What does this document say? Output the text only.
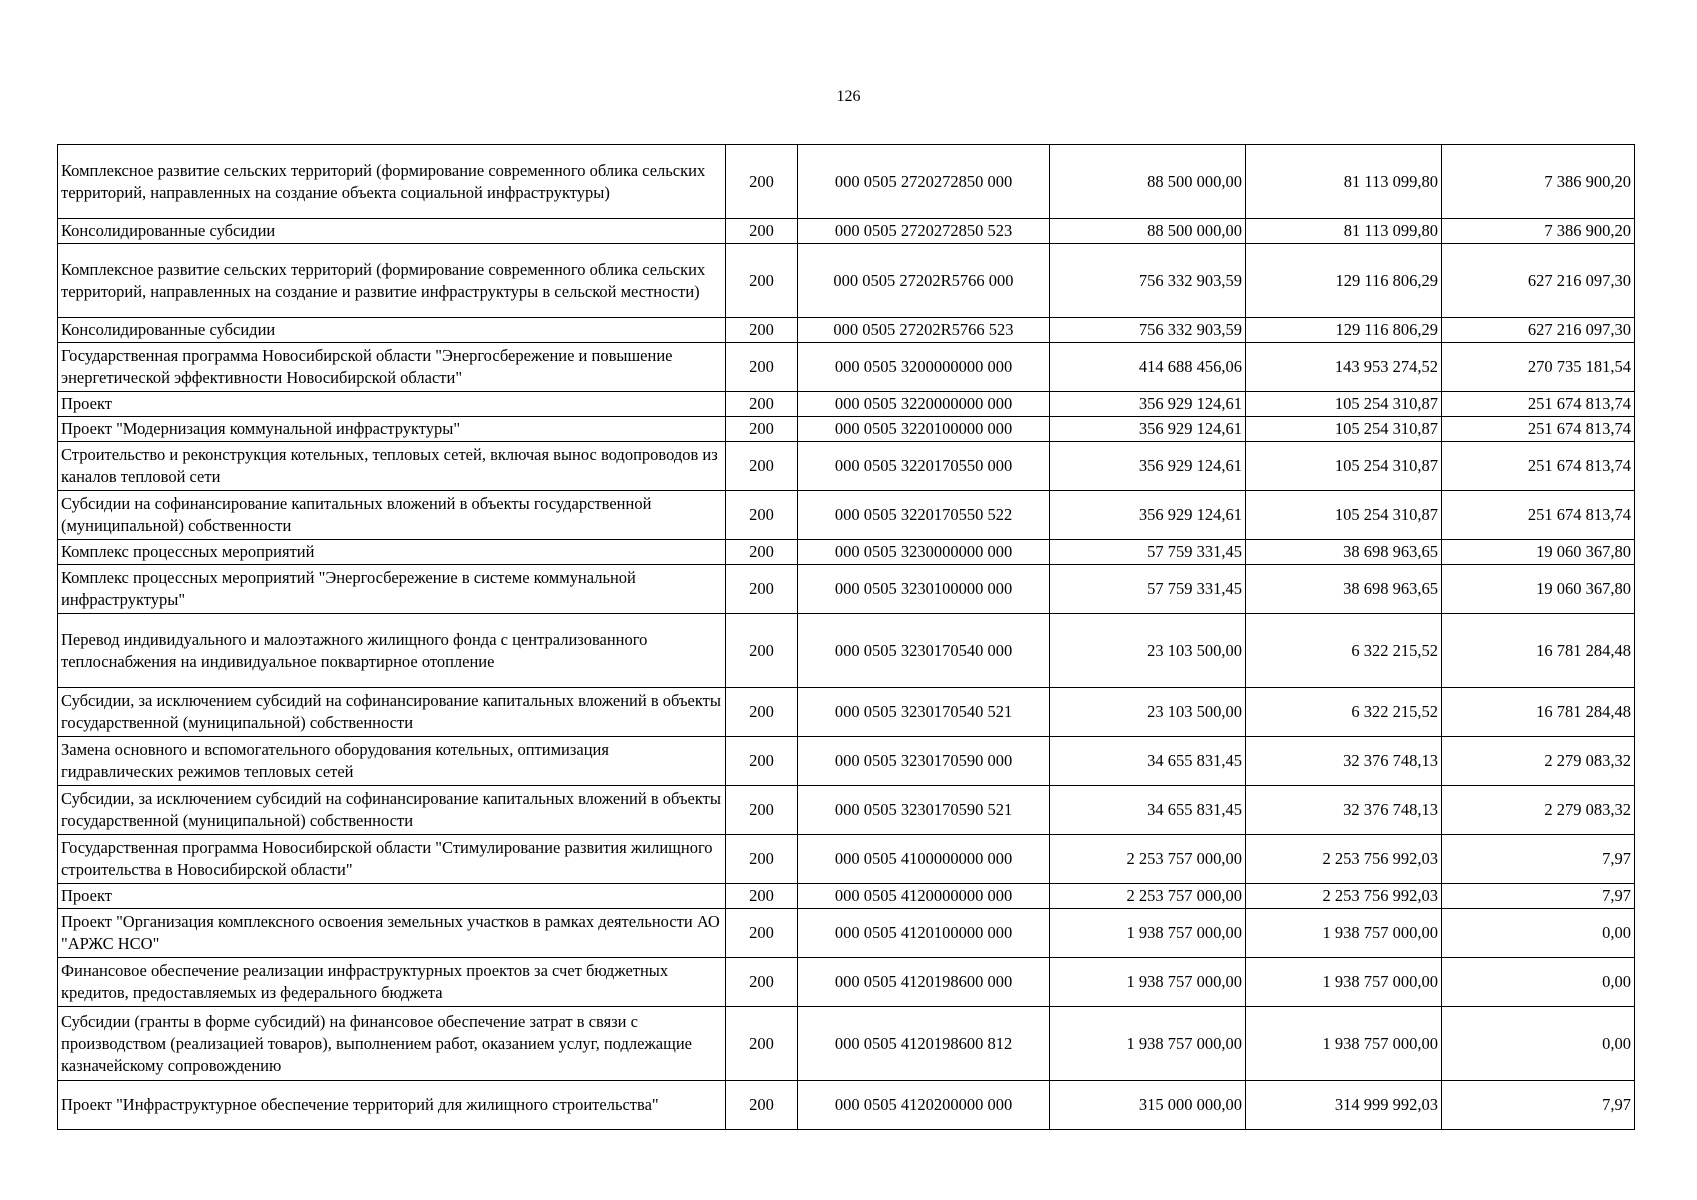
126
Комплексное развитие сельских территорий (формирование современного облика сельских территорий, направленных на создание объекта социальной инфраструктуры)	200	000 0505 2720272850 000	88 500 000,00	81 113 099,80	7 386 900,20
Консолидированные субсидии	200	000 0505 2720272850 523	88 500 000,00	81 113 099,80	7 386 900,20
Комплексное развитие сельских территорий (формирование современного облика сельских территорий, направленных на создание и развитие инфраструктуры в сельской местности)	200	000 0505 27202R5766 000	756 332 903,59	129 116 806,29	627 216 097,30
Консолидированные субсидии	200	000 0505 27202R5766 523	756 332 903,59	129 116 806,29	627 216 097,30
Государственная программа Новосибирской области "Энергосбережение и повышение энергетической эффективности Новосибирской области"	200	000 0505 3200000000 000	414 688 456,06	143 953 274,52	270 735 181,54
Проект	200	000 0505 3220000000 000	356 929 124,61	105 254 310,87	251 674 813,74
Проект "Модернизация коммунальной инфраструктуры"	200	000 0505 3220100000 000	356 929 124,61	105 254 310,87	251 674 813,74
Строительство и реконструкция котельных, тепловых сетей, включая вынос водопроводов из каналов тепловой сети	200	000 0505 3220170550 000	356 929 124,61	105 254 310,87	251 674 813,74
Субсидии на софинансирование капитальных вложений в объекты государственной (муниципальной) собственности	200	000 0505 3220170550 522	356 929 124,61	105 254 310,87	251 674 813,74
Комплекс процессных мероприятий	200	000 0505 3230000000 000	57 759 331,45	38 698 963,65	19 060 367,80
Комплекс процессных мероприятий "Энергосбережение в системе коммунальной инфраструктуры"	200	000 0505 3230100000 000	57 759 331,45	38 698 963,65	19 060 367,80
Перевод индивидуального и малоэтажного жилищного фонда с централизованного теплоснабжения на индивидуальное поквартирное отопление	200	000 0505 3230170540 000	23 103 500,00	6 322 215,52	16 781 284,48
Субсидии, за исключением субсидий на софинансирование капитальных вложений в объекты государственной (муниципальной) собственности	200	000 0505 3230170540 521	23 103 500,00	6 322 215,52	16 781 284,48
Замена основного и вспомогательного оборудования котельных, оптимизация гидравлических режимов тепловых сетей	200	000 0505 3230170590 000	34 655 831,45	32 376 748,13	2 279 083,32
Субсидии, за исключением субсидий на софинансирование капитальных вложений в объекты государственной (муниципальной) собственности	200	000 0505 3230170590 521	34 655 831,45	32 376 748,13	2 279 083,32
Государственная программа Новосибирской области "Стимулирование развития жилищного строительства в Новосибирской области"	200	000 0505 4100000000 000	2 253 757 000,00	2 253 756 992,03	7,97
Проект	200	000 0505 4120000000 000	2 253 757 000,00	2 253 756 992,03	7,97
Проект "Организация комплексного освоения земельных участков в рамках деятельности АО "АРЖС НСО"	200	000 0505 4120100000 000	1 938 757 000,00	1 938 757 000,00	0,00
Финансовое обеспечение реализации инфраструктурных проектов за счет бюджетных кредитов, предоставляемых из федерального бюджета	200	000 0505 4120198600 000	1 938 757 000,00	1 938 757 000,00	0,00
Субсидии (гранты в форме субсидий) на финансовое обеспечение затрат в связи с производством (реализацией товаров), выполнением работ, оказанием услуг, подлежащие казначейскому сопровождению	200	000 0505 4120198600 812	1 938 757 000,00	1 938 757 000,00	0,00
Проект "Инфраструктурное обеспечение территорий для жилищного строительства"	200	000 0505 4120200000 000	315 000 000,00	314 999 992,03	7,97
